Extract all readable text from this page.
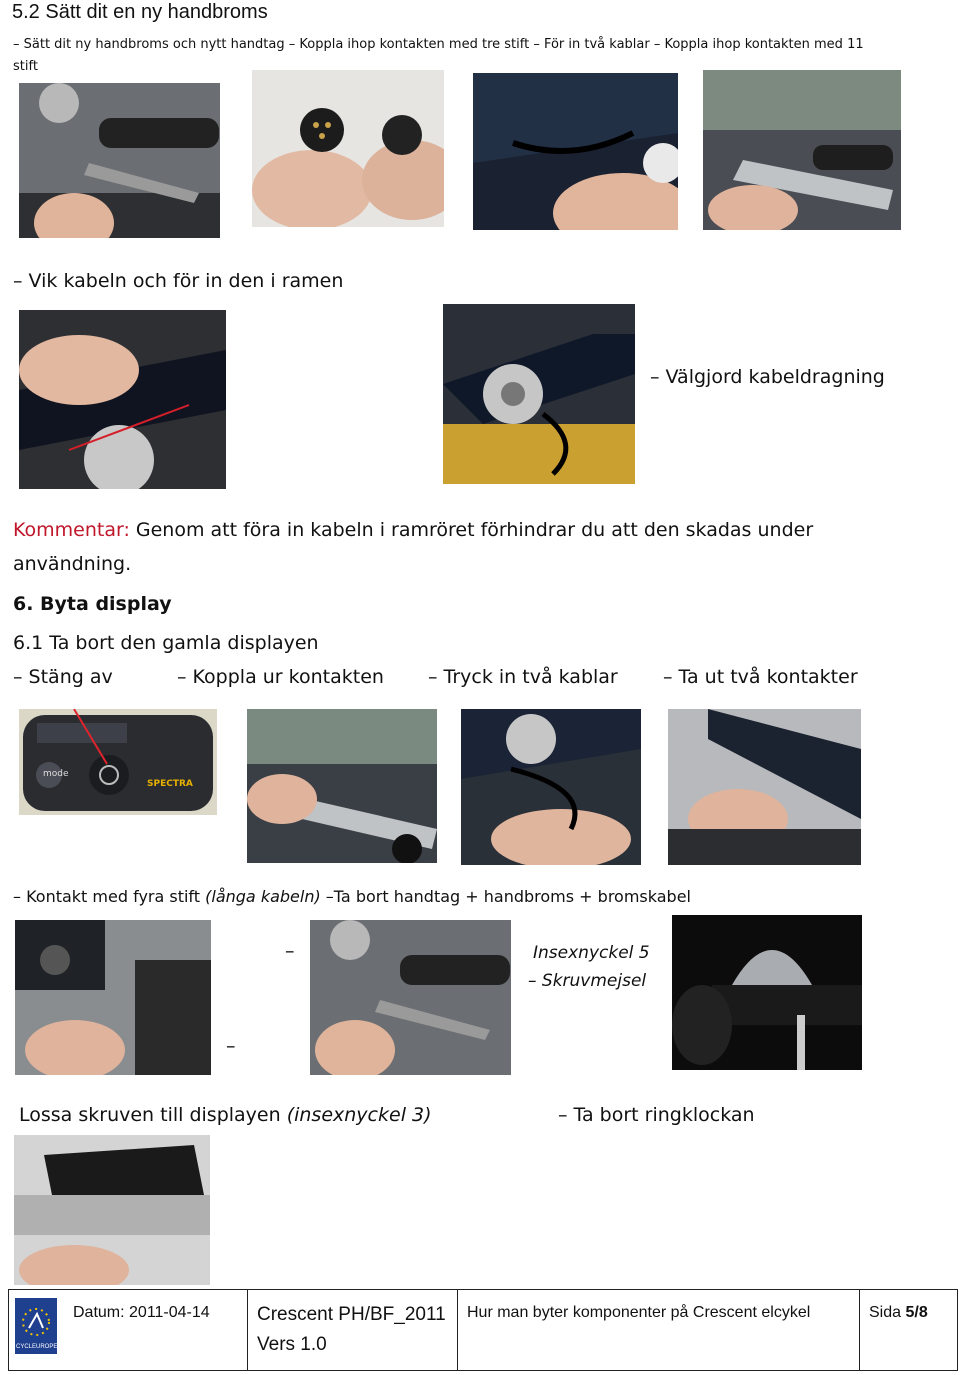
5.2 Sätt dit en ny handbroms
– Sätt dit ny handbroms och nytt handtag – Koppla ihop kontakten med tre stift – För in två kablar – Koppla ihop kontakten med 11
stift
– Vik kabeln och för in den i ramen
– Välgjord kabeldragning
Kommentar: Genom att föra in kabeln i ramröret förhindrar du att den skadas under
användning.
6. Byta display
6.1 Ta bort den gamla displayen
– Stäng av	– Koppla ur kontakten – Tryck in två kablar – Ta ut två kontakter
mode
SPECTRA
– Kontakt med fyra stift (långa kabeln) –Ta bort handtag + handbroms + bromskabel
–
–
Insexnyckel 5
– Skruvmejsel
Lossa skruven till displayen (insexnyckel 3)	– Ta bort ringklockan
CYCLEUROPE
Datum: 2011-04-14 Crescent PH/BF_2011
Vers 1.0
Hur man byter komponenter på Crescent elcykel	Sida 5/8
